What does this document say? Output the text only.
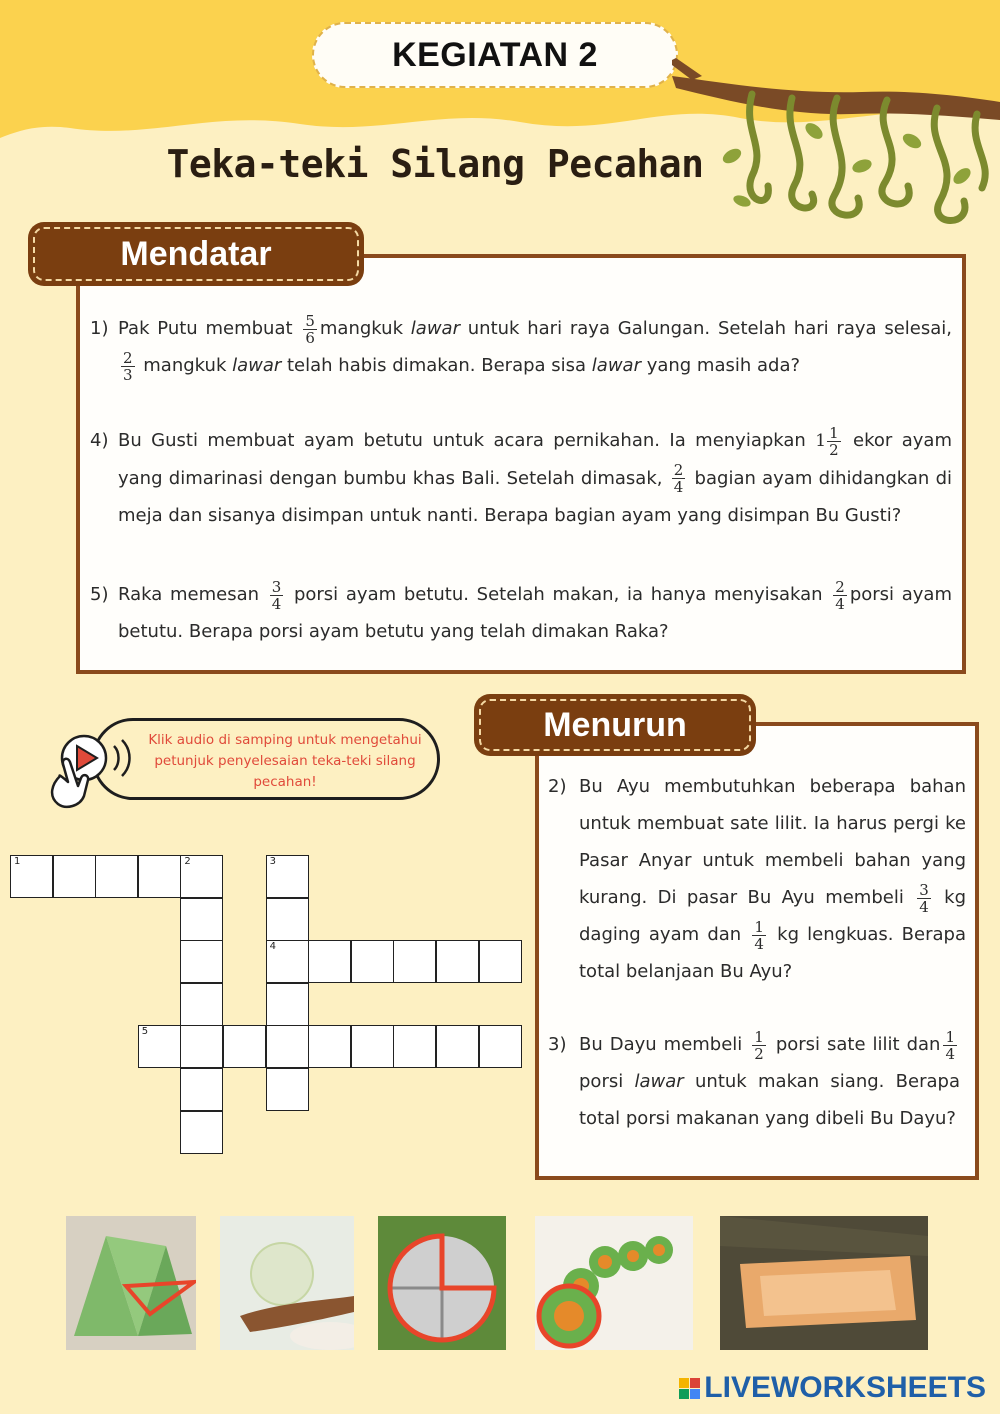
KEGIATAN 2
Teka-teki Silang Pecahan
Mendatar
1) Pak Putu membuat $\frac{5}{6}$ mangkuk lawar untuk hari raya Galungan. Setelah hari raya selesai,
$\frac{2}{3}$ mangkuk lawar telah habis dimakan. Berapa sisa lawar yang masih ada?
4) Bu Gusti membuat ayam betutu untuk acara pernikahan. Ia menyiapkan $1 \frac{1}{2}$ ekor ayam yang dimarinasi dengan bumbu khas Bali. Setelah dimasak, $\frac{2}{4}$ bagian ayam dihidangkan di meja dan sisanya disimpan untuk nanti. Berapa bagian ayam yang disimpan Bu Gusti?
5) Raka memesan $\frac{3}{4}$ porsi ayam betutu. Setelah makan, ia hanya menyisakan $\frac{2}{4}$ porsi ayam betutu. Berapa porsi ayam betutu yang telah dimakan Raka?
Menurun
2) Bu Ayu membutuhkan beberapa bahan untuk membuat sate lilit. Ia harus pergi ke Pasar Anyar untuk membeli bahan yang kurang. Di pasar Bu Ayu membeli $\frac{3}{4}$ kg daging ayam dan $\frac{1}{4}$ kg lengkuas. Berapa total belanjaan Bu Ayu?
3) Bu Dayu membeli $\frac{1}{2}$ porsi sate lilit dan $\frac{1}{4}$
porsi lawar untuk makan siang. Berapa total porsi makanan yang dibeli Bu Dayu?
Klik audio di samping untuk mengetahui petunjuk penyelesaian teka-teki silang pecahan!
1	2	3
4
5
LIVEWORKSHEETS
